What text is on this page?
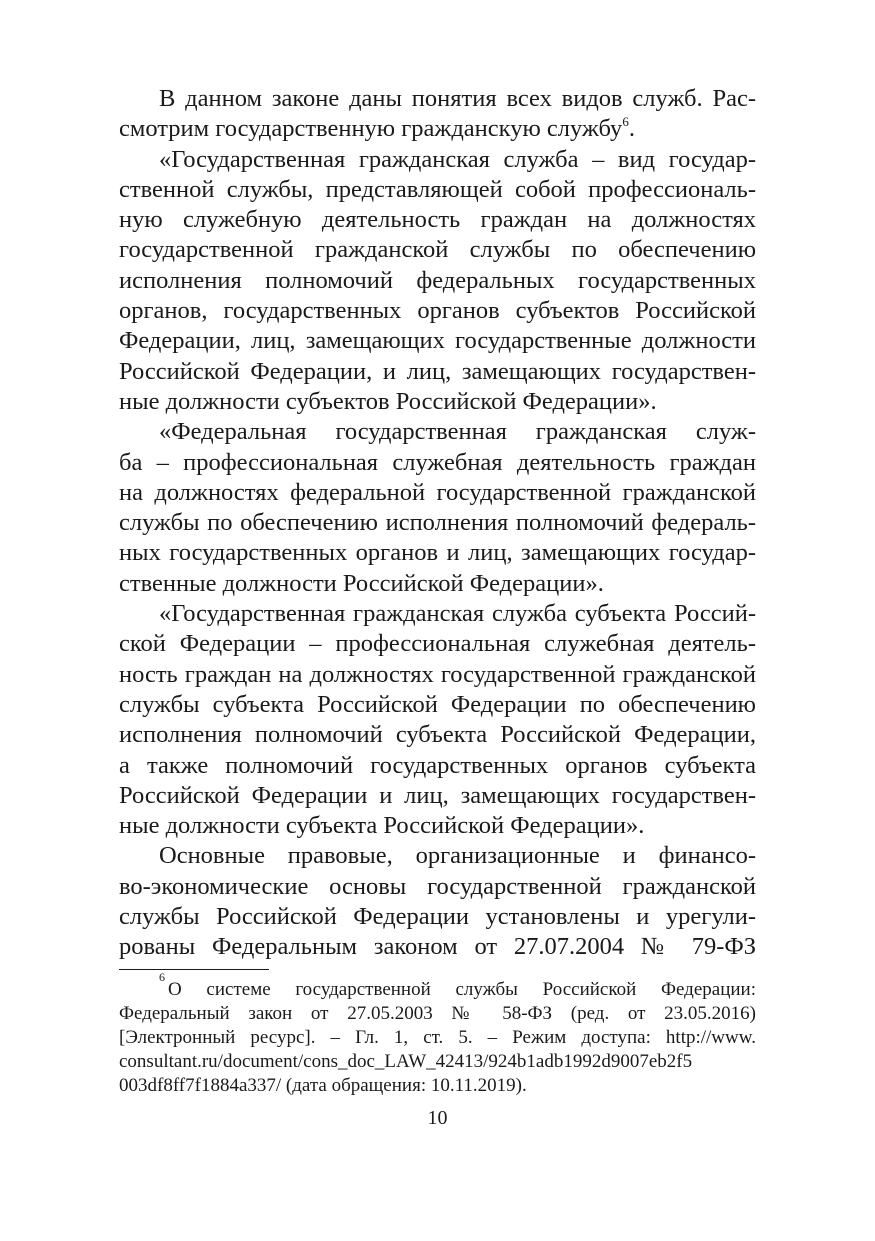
В данном законе даны понятия всех видов служб. Рас-
смотрим государственную гражданскую службу$^6$.
«Государственная гражданская служба – вид государ-
ственной службы, представляющей собой профессиональ-
ную служебную деятельность граждан на должностях
государственной гражданской службы по обеспечению
исполнения полномочий федеральных государственных
органов, государственных органов субъектов Российской
Федерации, лиц, замещающих государственные должности
Российской Федерации, и лиц, замещающих государствен-
ные должности субъектов Российской Федерации».
«Федеральная государственная гражданская служ-
ба – профессиональная служебная деятельность граждан
на должностях федеральной государственной гражданской
службы по обеспечению исполнения полномочий федераль-
ных государственных органов и лиц, замещающих государ-
ственные должности Российской Федерации».
«Государственная гражданская служба субъекта Россий-
ской Федерации – профессиональная служебная деятель-
ность граждан на должностях государственной гражданской
службы субъекта Российской Федерации по обеспечению
исполнения полномочий субъекта Российской Федерации,
а также полномочий государственных органов субъекта
Российской Федерации и лиц, замещающих государствен-
ные должности субъекта Российской Федерации».
Основные правовые, организационные и финансо-
во-экономические основы государственной гражданской
службы Российской Федерации установлены и урегули-
рованы Федеральным законом от 27.07.2004 № 79-ФЗ
$^6$О системе государственной службы Российской Федерации:
Федеральный закон от 27.05.2003 № 58-ФЗ (ред. от 23.05.2016)
[Электронный ресурс]. – Гл. 1, ст. 5. – Режим доступа: http://www.
consultant.ru/document/cons_doc_LAW_42413/924b1adb1992d9007eb2f5
003df8ff7f1884a337/ (дата обращения: 10.11.2019).
10
